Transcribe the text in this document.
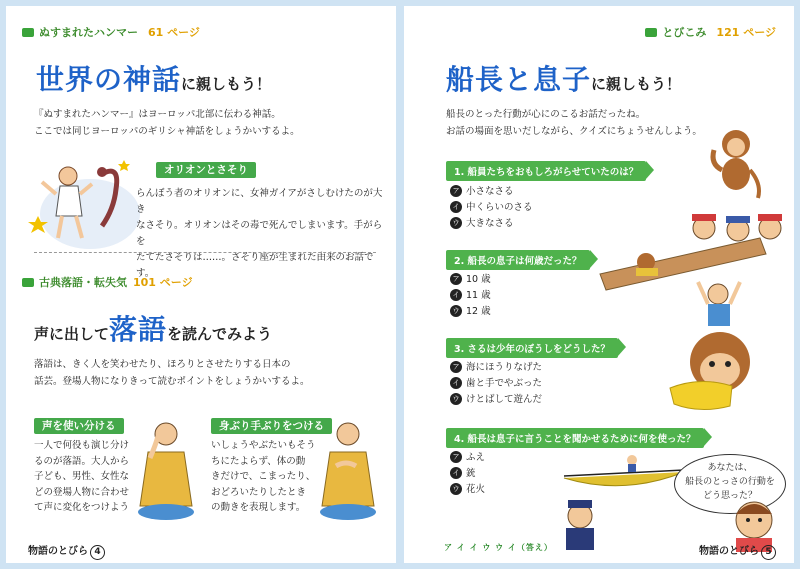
ぬすまれたハンマー 61 ページ
世界の神話に親しもう！
『ぬすまれたハンマー』はヨーロッパ北部に伝わる神話。
ここでは同じヨーロッパのギリシャ神話をしょうかいするよ。
オリオンとさそり
らんぼう者のオリオンに、女神ガイアがさしむけたのが大き
なさそり。オリオンはその毒で死んでしまいます。手がらを
たてたさそりは……。さそり座が生まれた由来のお話です。
古典落語・転失気 101 ページ
声に出して落語を読んでみよう
落語は、きく人を笑わせたり、ほろりとさせたりする日本の
話芸。登場人物になりきって読むポイントをしょうかいするよ。
声を使い分ける
一人で何役も演じ分け
るのが落語。大人から
子ども、男性、女性な
どの登場人物に合わせ
て声に変化をつけよう
身ぶり手ぶりをつける
いしょうやぶたいもそう
ちにたよらず、体の動
きだけで、こまったり、
おどろいたりしたとき
の動きを表現します。
物語のとびら 4
とびこみ 121 ページ
船長と息子に親しもう！
船長のとった行動が心にのこるお話だったね。
お話の場面を思いだしながら、クイズにちょうせんしよう。
1. 船員たちをおもしろがらせていたのは？
ア 小さなさる
イ 中くらいのさる
ウ 大きなさる
2. 船長の息子は何歳だった？
ア 10 歳
イ 11 歳
ウ 12 歳
3. さるは少年のぼうしをどうした？
ア 海にほうりなげた
イ 歯と手でやぶった
ウ けとばして遊んだ
4. 船長は息子に言うことを聞かせるために何を使った？
ア ふえ
イ 銃
ウ 花火
あなたは、
船長のとっさの行動を
どう思った？
ア イ イ ウ ウ イ（答え）	物語のとびら 5
